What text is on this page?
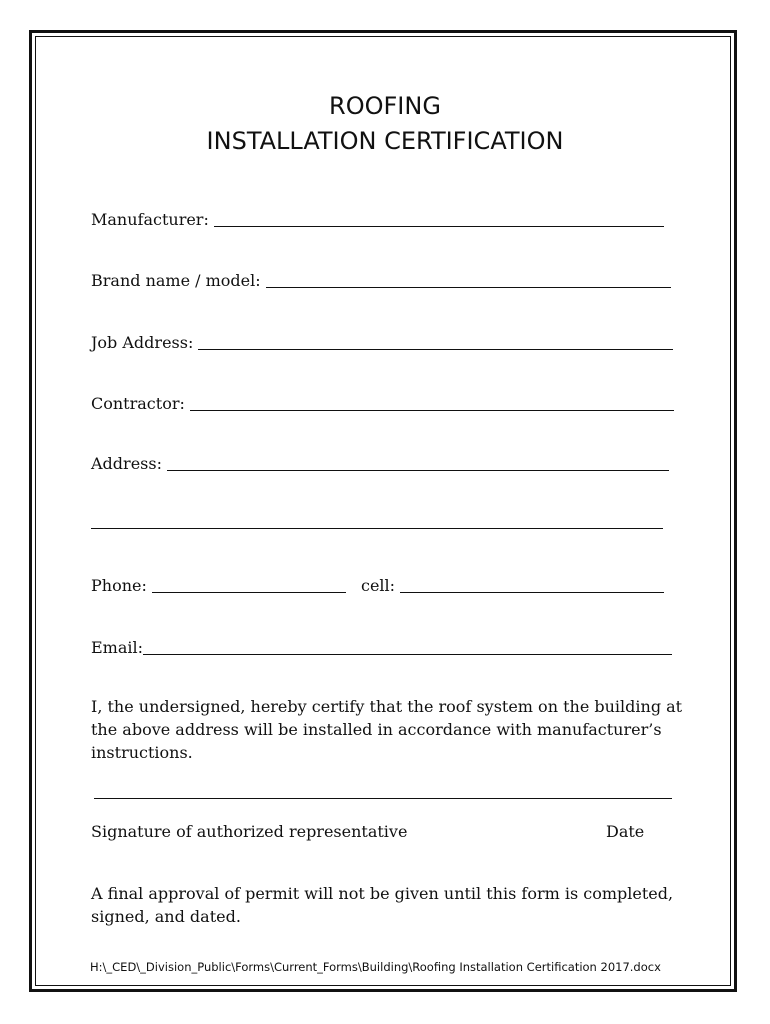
ROOFING
INSTALLATION CERTIFICATION
Manufacturer:
Brand name / model:
Job Address:
Contractor:
Address:
Phone:	cell:
Email:
I, the undersigned, hereby certify that the roof system on the building at the above address will be installed in accordance with manufacturer’s instructions.
Signature of authorized representative	Date
A final approval of permit will not be given until this form is completed, signed, and dated.
H:\_CED\_Division_Public\Forms\Current_Forms\Building\Roofing Installation Certification 2017.docx
